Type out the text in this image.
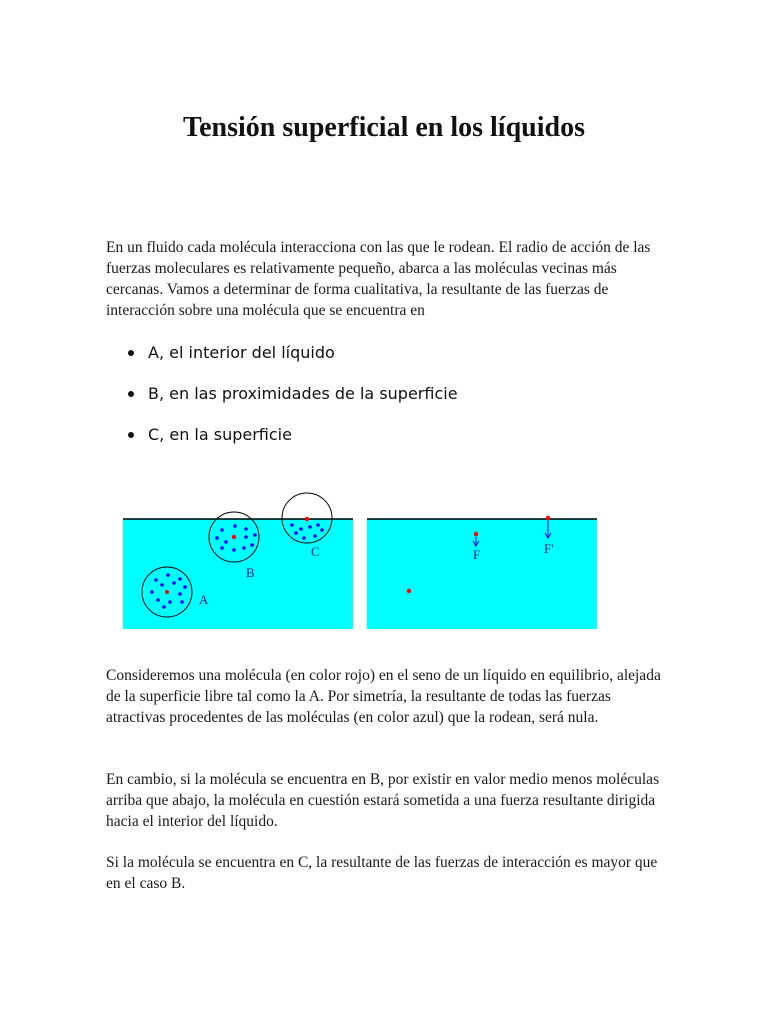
Tensión superficial en los líquidos

En un fluido cada molécula interacciona con las que le rodean. El radio de acción de las fuerzas moleculares es relativamente pequeño, abarca a las moléculas vecinas más cercanas. Vamos a determinar de forma cualitativa, la resultante de las fuerzas de interacción sobre una molécula que se encuentra en

A, el interior del líquido
B, en las proximidades de la superficie
C, en la superficie
A
B
C	F	F'

Consideremos una molécula (en color rojo) en el seno de un líquido en equilibrio, alejada de la superficie libre tal como la A. Por simetría, la resultante de todas las fuerzas atractivas procedentes de las moléculas (en color azul) que la rodean, será nula.

En cambio, si la molécula se encuentra en B, por existir en valor medio menos moléculas arriba que abajo, la molécula en cuestión estará sometida a una fuerza resultante dirigida hacia el interior del líquido.

Si la molécula se encuentra en C, la resultante de las fuerzas de interacción es mayor que en el caso B.
